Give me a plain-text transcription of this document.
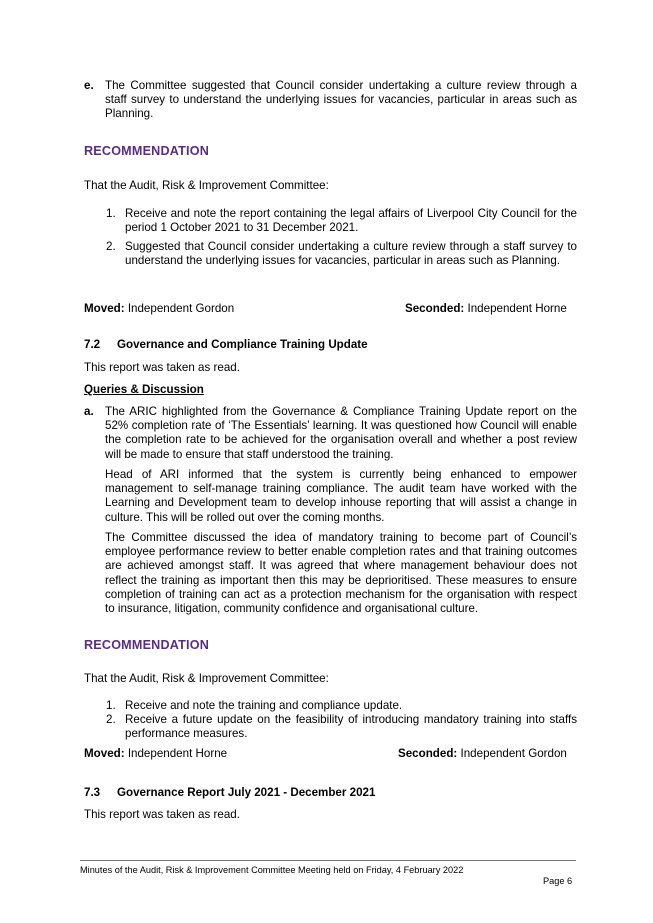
e. The Committee suggested that Council consider undertaking a culture review through a staff survey to understand the underlying issues for vacancies, particular in areas such as Planning.
RECOMMENDATION
That the Audit, Risk & Improvement Committee:
1. Receive and note the report containing the legal affairs of Liverpool City Council for the period 1 October 2021 to 31 December 2021.
2. Suggested that Council consider undertaking a culture review through a staff survey to understand the underlying issues for vacancies, particular in areas such as Planning.
Moved: Independent Gordon	Seconded: Independent Horne
7.2 Governance and Compliance Training Update
This report was taken as read.
Queries & Discussion
a. The ARIC highlighted from the Governance & Compliance Training Update report on the 52% completion rate of ‘The Essentials’ learning. It was questioned how Council will enable the completion rate to be achieved for the organisation overall and whether a post review will be made to ensure that staff understood the training.
Head of ARI informed that the system is currently being enhanced to empower management to self-manage training compliance. The audit team have worked with the Learning and Development team to develop inhouse reporting that will assist a change in culture. This will be rolled out over the coming months.
The Committee discussed the idea of mandatory training to become part of Council’s employee performance review to better enable completion rates and that training outcomes are achieved amongst staff. It was agreed that where management behaviour does not reflect the training as important then this may be deprioritised. These measures to ensure completion of training can act as a protection mechanism for the organisation with respect to insurance, litigation, community confidence and organisational culture.
RECOMMENDATION
That the Audit, Risk & Improvement Committee:
1. Receive and note the training and compliance update.
2. Receive a future update on the feasibility of introducing mandatory training into staffs performance measures.
Moved: Independent Horne	Seconded: Independent Gordon
7.3 Governance Report July 2021 - December 2021
This report was taken as read.
Minutes of the Audit, Risk & Improvement Committee Meeting held on Friday, 4 February 2022
Page 6
